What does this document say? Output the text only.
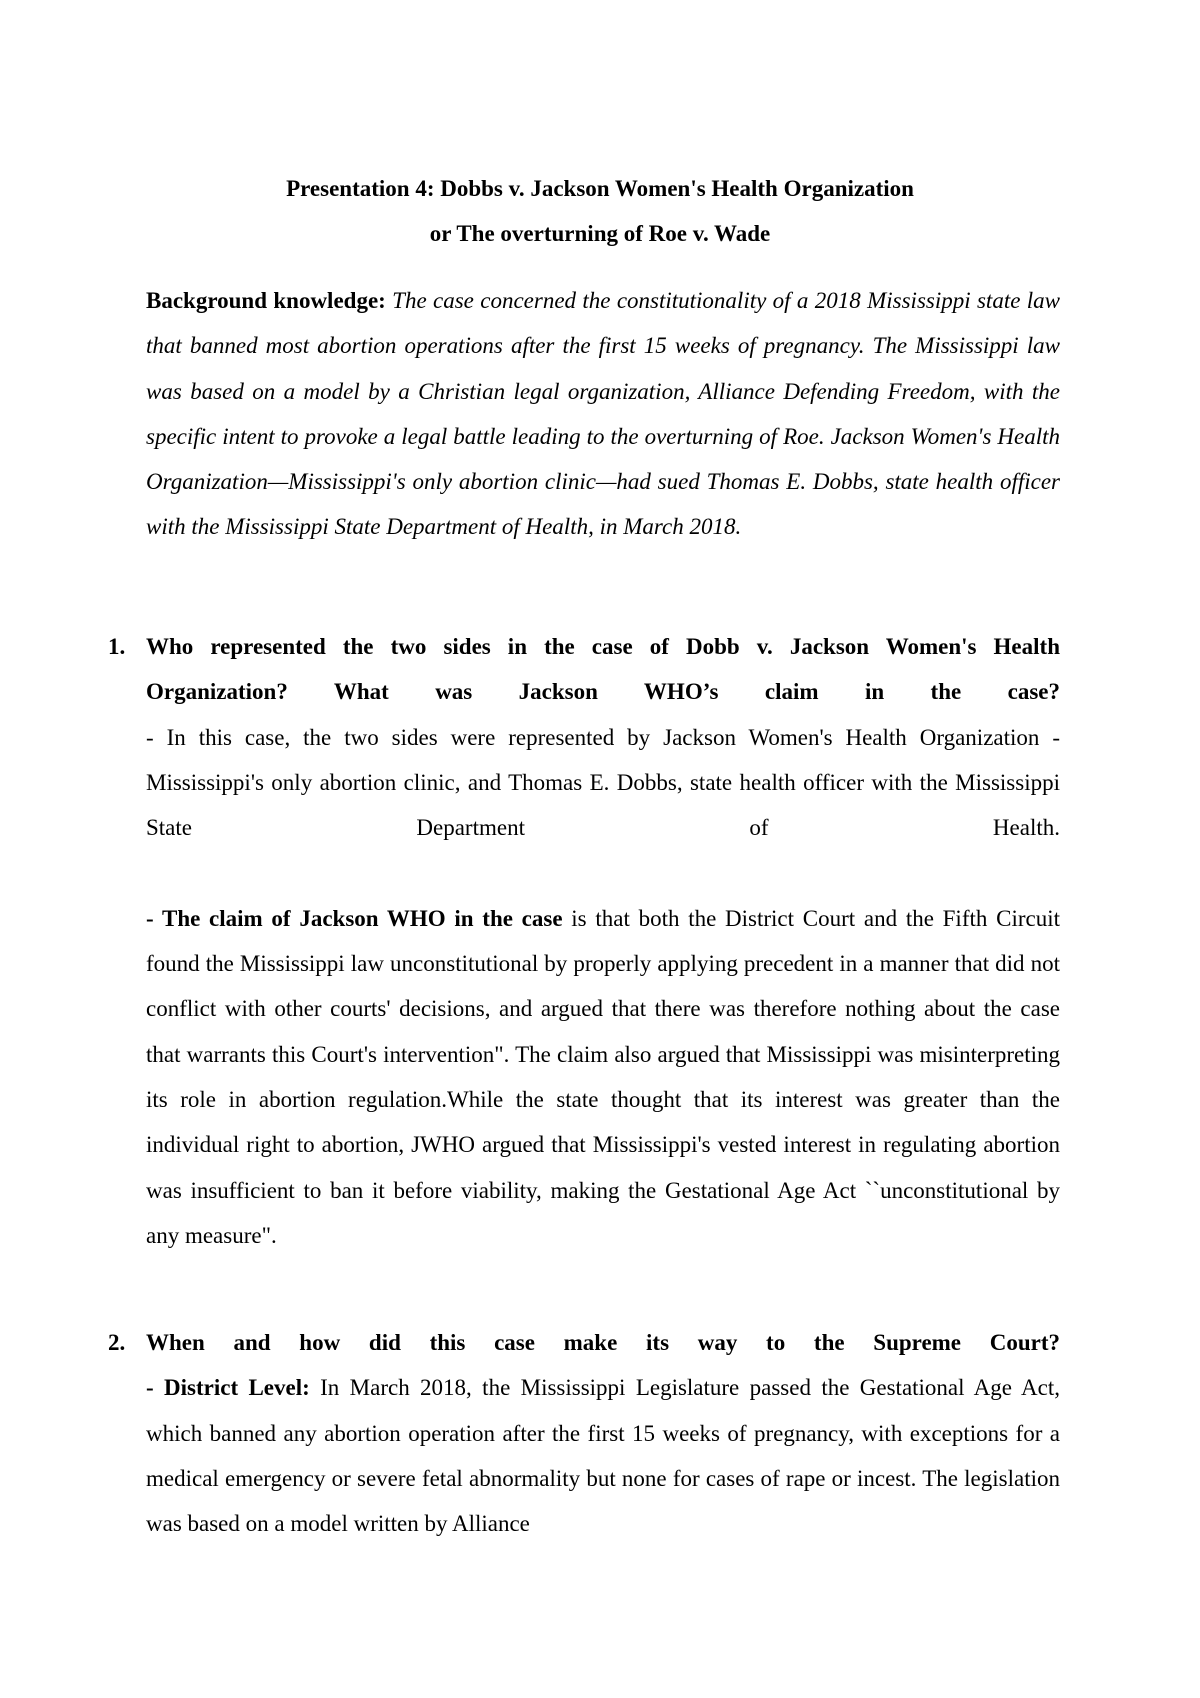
Presentation 4: Dobbs v. Jackson Women's Health Organization
or The overturning of Roe v. Wade
Background knowledge: The case concerned the constitutionality of a 2018 Mississippi state law that banned most abortion operations after the first 15 weeks of pregnancy. The Mississippi law was based on a model by a Christian legal organization, Alliance Defending Freedom, with the specific intent to provoke a legal battle leading to the overturning of Roe. Jackson Women's Health Organization—Mississippi's only abortion clinic—had sued Thomas E. Dobbs, state health officer with the Mississippi State Department of Health, in March 2018.
1. Who represented the two sides in the case of Dobb v. Jackson Women's Health
Organization? What was Jackson WHO’s claim in the case?
- In this case, the two sides were represented by Jackson Women's Health Organization - Mississippi's only abortion clinic, and Thomas E. Dobbs, state health officer with the Mississippi State Department of Health.
- The claim of Jackson WHO in the case is that both the District Court and the Fifth Circuit found the Mississippi law unconstitutional by properly applying precedent in a manner that did not conflict with other courts' decisions, and argued that there was therefore nothing about the case that warrants this Court's intervention". The claim also argued that Mississippi was misinterpreting its role in abortion regulation.While the state thought that its interest was greater than the individual right to abortion, JWHO argued that Mississippi's vested interest in regulating abortion was insufficient to ban it before viability, making the Gestational Age Act ``unconstitutional by any measure".
2. When and how did this case make its way to the Supreme Court?
- District Level: In March 2018, the Mississippi Legislature passed the Gestational Age Act, which banned any abortion operation after the first 15 weeks of pregnancy, with exceptions for a medical emergency or severe fetal abnormality but none for cases of rape or incest. The legislation was based on a model written by Alliance
